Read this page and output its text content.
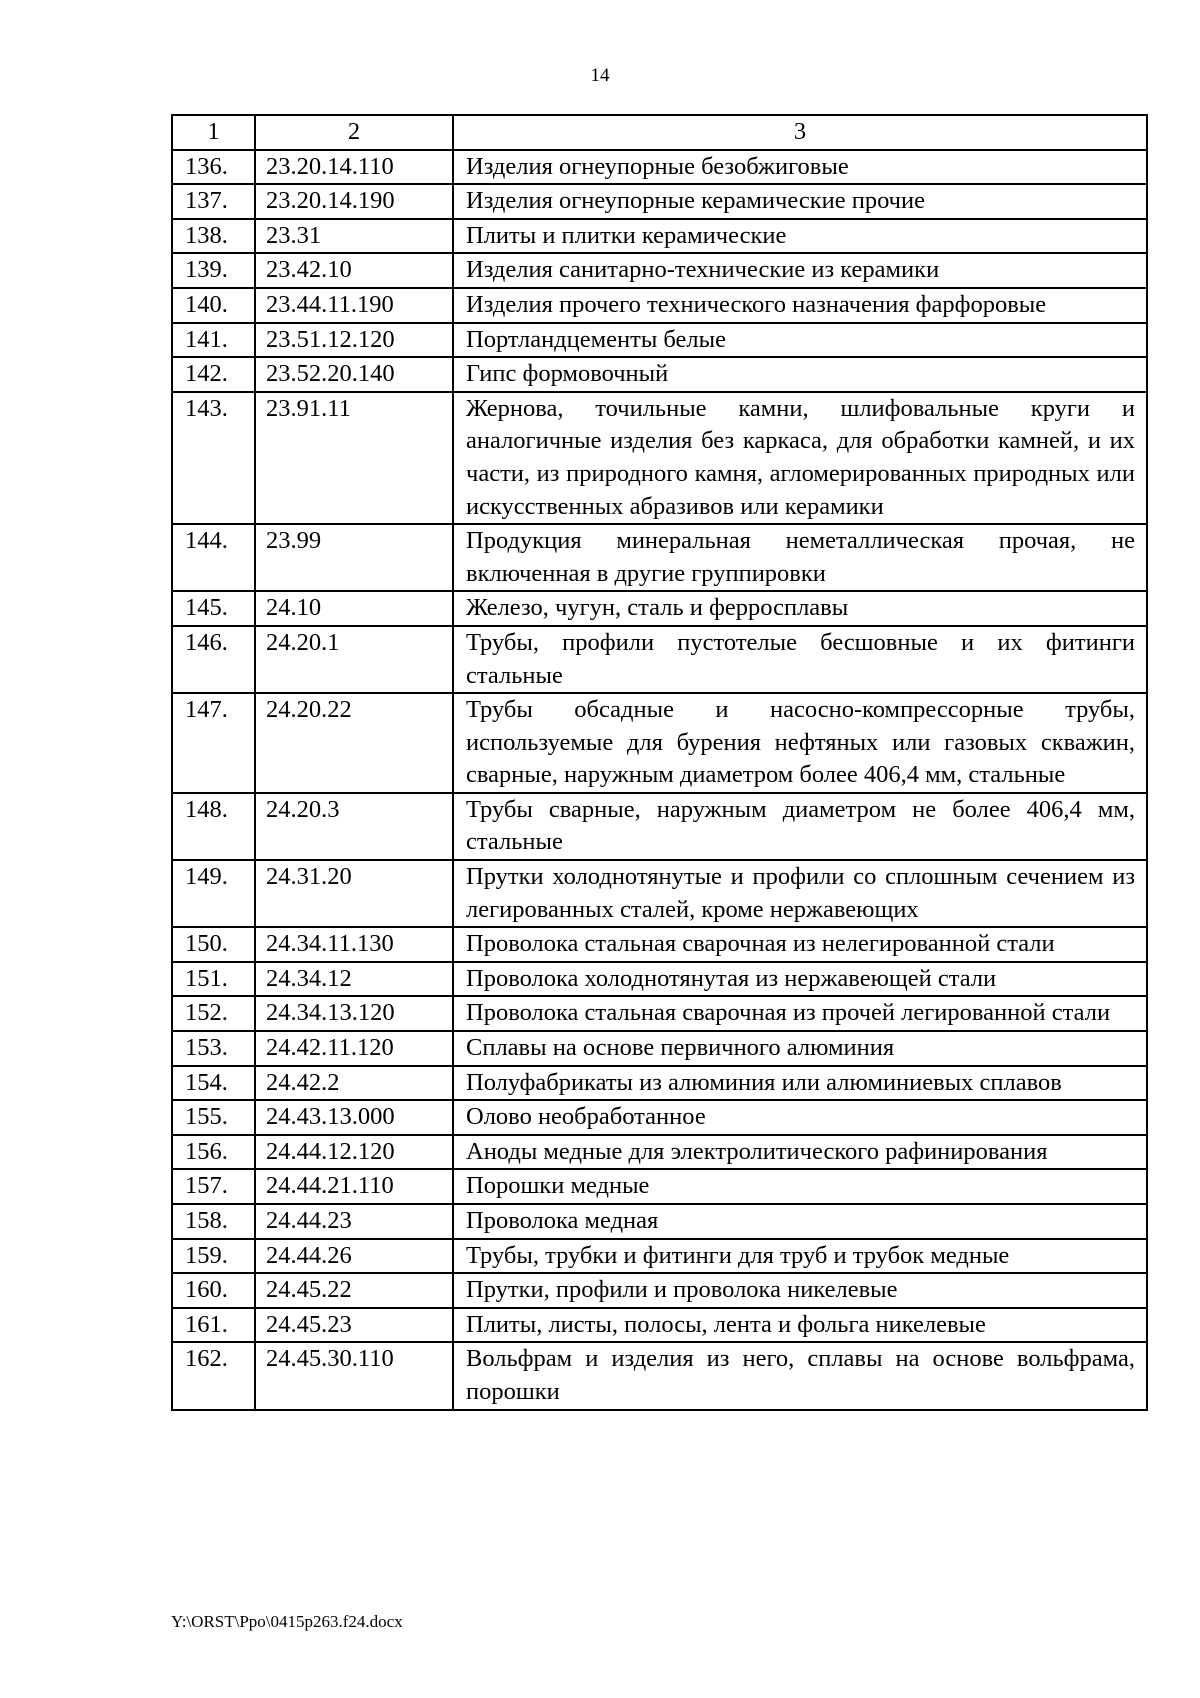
14
1	2	3
136.	23.20.14.110	Изделия огнеупорные безобжиговые
137.	23.20.14.190	Изделия огнеупорные керамические прочие
138.	23.31	Плиты и плитки керамические
139.	23.42.10	Изделия санитарно-технические из керамики
140.	23.44.11.190	Изделия прочего технического назначения фарфоровые
141.	23.51.12.120	Портландцементы белые
142.	23.52.20.140	Гипс формовочный
143.	23.91.11	Жернова, точильные камни, шлифовальные круги и аналогичные изделия без каркаса, для обработки камней, и их части, из природного камня, агломерированных природных или искусственных абразивов или керамики
144.	23.99	Продукция минеральная неметаллическая прочая, не включенная в другие группировки
145.	24.10	Железо, чугун, сталь и ферросплавы
146.	24.20.1	Трубы, профили пустотелые бесшовные и их фитинги стальные
147.	24.20.22	Трубы обсадные и насосно-компрессорные трубы, используемые для бурения нефтяных или газовых скважин, сварные, наружным диаметром более 406,4 мм, стальные
148.	24.20.3	Трубы сварные, наружным диаметром не более 406,4 мм, стальные
149.	24.31.20	Прутки холоднотянутые и профили со сплошным сечением из легированных сталей, кроме нержавеющих
150.	24.34.11.130	Проволока стальная сварочная из нелегированной стали
151.	24.34.12	Проволока холоднотянутая из нержавеющей стали
152.	24.34.13.120	Проволока стальная сварочная из прочей легированной стали
153.	24.42.11.120	Сплавы на основе первичного алюминия
154.	24.42.2	Полуфабрикаты из алюминия или алюминиевых сплавов
155.	24.43.13.000	Олово необработанное
156.	24.44.12.120	Аноды медные для электролитического рафинирования
157.	24.44.21.110	Порошки медные
158.	24.44.23	Проволока медная
159.	24.44.26	Трубы, трубки и фитинги для труб и трубок медные
160.	24.45.22	Прутки, профили и проволока никелевые
161.	24.45.23	Плиты, листы, полосы, лента и фольга никелевые
162.	24.45.30.110	Вольфрам и изделия из него, сплавы на основе вольфрама, порошки
Y:\ORST\Ppo\0415p263.f24.docx
